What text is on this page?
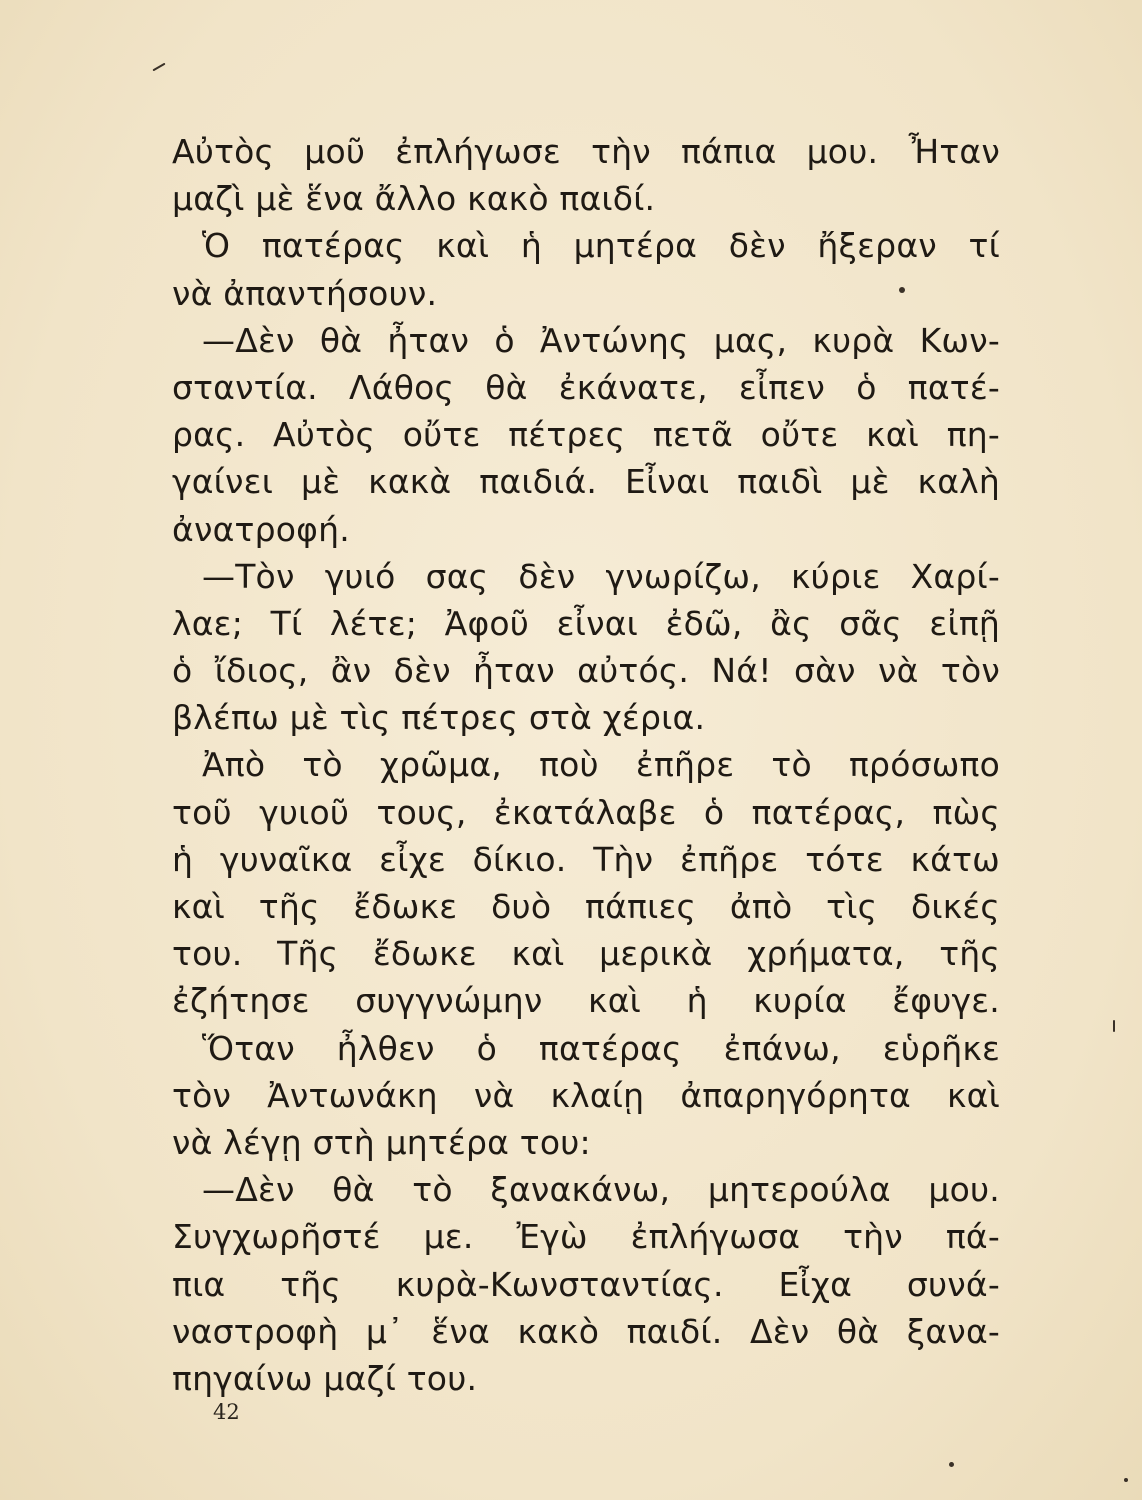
Αὐτὸς μοῦ ἐπλήγωσε τὴν πάπια μου. Ἦταν
μαζὶ μὲ ἕνα ἄλλο κακὸ παιδί.
Ὁ πατέρας καὶ ἡ μητέρα δὲν ἤξεραν τί
νὰ ἀπαντήσουν.
—Δὲν θὰ ἦταν ὁ Ἀντώνης μας, κυρὰ Κων-
σταντία. Λάθος θὰ ἐκάνατε, εἶπεν ὁ πατέ-
ρας. Αὐτὸς οὔτε πέτρες πετᾶ οὔτε καὶ πη-
γαίνει μὲ κακὰ παιδιά. Εἶναι παιδὶ μὲ καλὴ
ἀνατροφή.
—Τὸν γυιό σας δὲν γνωρίζω, κύριε Χαρί-
λαε; Τί λέτε; Ἀφοῦ εἶναι ἐδῶ, ἂς σᾶς εἰπῇ
ὁ ἴδιος, ἂν δὲν ἦταν αὐτός. Νά! σὰν νὰ τὸν
βλέπω μὲ τὶς πέτρες στὰ χέρια.
Ἀπὸ τὸ χρῶμα, ποὺ ἐπῆρε τὸ πρόσωπο
τοῦ γυιοῦ τους, ἐκατάλαβε ὁ πατέρας, πὼς
ἡ γυναῖκα εἶχε δίκιο. Τὴν ἐπῆρε τότε κάτω
καὶ τῆς ἔδωκε δυὸ πάπιες ἀπὸ τὶς δικές
του. Τῆς ἔδωκε καὶ μερικὰ χρήματα, τῆς
ἐζήτησε συγγνώμην καὶ ἡ κυρία ἔφυγε.
Ὅταν ἦλθεν ὁ πατέρας ἐπάνω, εὑρῆκε
τὸν Ἀντωνάκη νὰ κλαίῃ ἀπαρηγόρητα καὶ
νὰ λέγῃ στὴ μητέρα του:
—Δὲν θὰ τὸ ξανακάνω, μητερούλα μου.
Συγχωρῆστέ με. Ἐγὼ ἐπλήγωσα τὴν πά-
πια τῆς κυρὰ-Κωνσταντίας. Εἶχα συνά-
ναστροφὴ μ᾿ ἕνα κακὸ παιδί. Δὲν θὰ ξανα-
πηγαίνω μαζί του.
42
